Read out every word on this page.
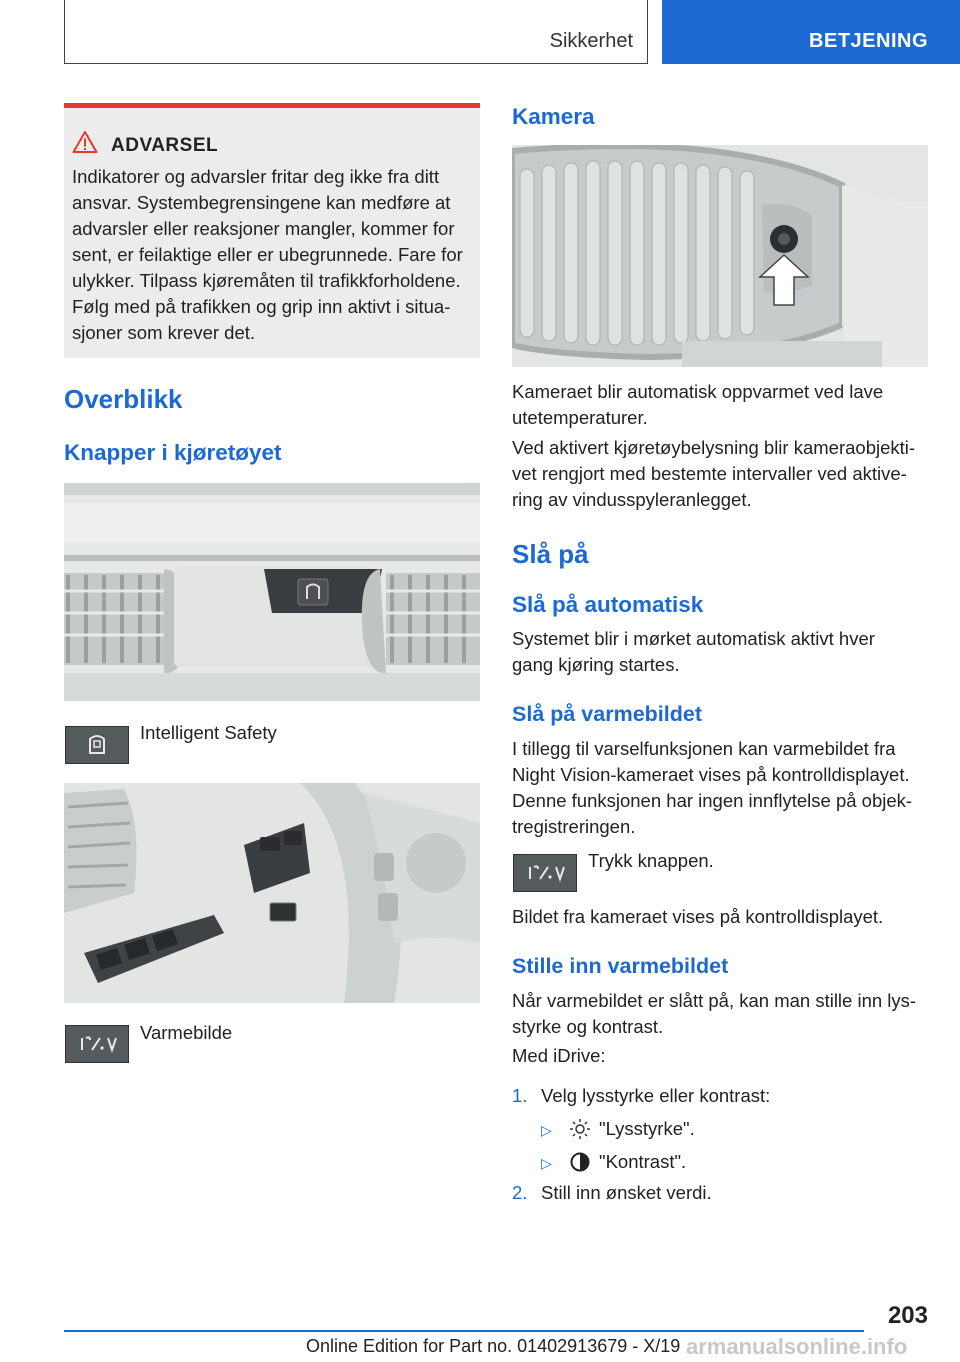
Sikkerhet	BETJENING
ADVARSEL
Indikatorer og advarsler fritar deg ikke fra ditt
ansvar. Systembegrensingene kan medføre at
advarsler eller reaksjoner mangler, kommer for
sent, er feilaktige eller er ubegrunnede. Fare for
ulykker. Tilpass kjøremåten til trafikkforholdene.
Følg med på trafikken og grip inn aktivt i situa-
sjoner som krever det.
Overblikk
Knapper i kjøretøyet
Intelligent Safety
Varmebilde
Kamera
Kameraet blir automatisk oppvarmet ved lave
utetemperaturer.
Ved aktivert kjøretøybelysning blir kameraobjekti-
vet rengjort med bestemte intervaller ved aktive-
ring av vindusspyleranlegget.
Slå på
Slå på automatisk
Systemet blir i mørket automatisk aktivt hver
gang kjøring startes.
Slå på varmebildet
I tillegg til varselfunksjonen kan varmebildet fra
Night Vision-kameraet vises på kontrolldisplayet.
Denne funksjonen har ingen innflytelse på objek-
tregistreringen.
Trykk knappen.
Bildet fra kameraet vises på kontrolldisplayet.
Stille inn varmebildet
Når varmebildet er slått på, kan man stille inn lys-
styrke og kontrast.
Med iDrive:
1. Velg lysstyrke eller kontrast:
▷	"Lysstyrke".
▷	"Kontrast".
2. Still inn ønsket verdi.
203
Online Edition for Part no. 01402913679 - X/19 armanualsonline.info
